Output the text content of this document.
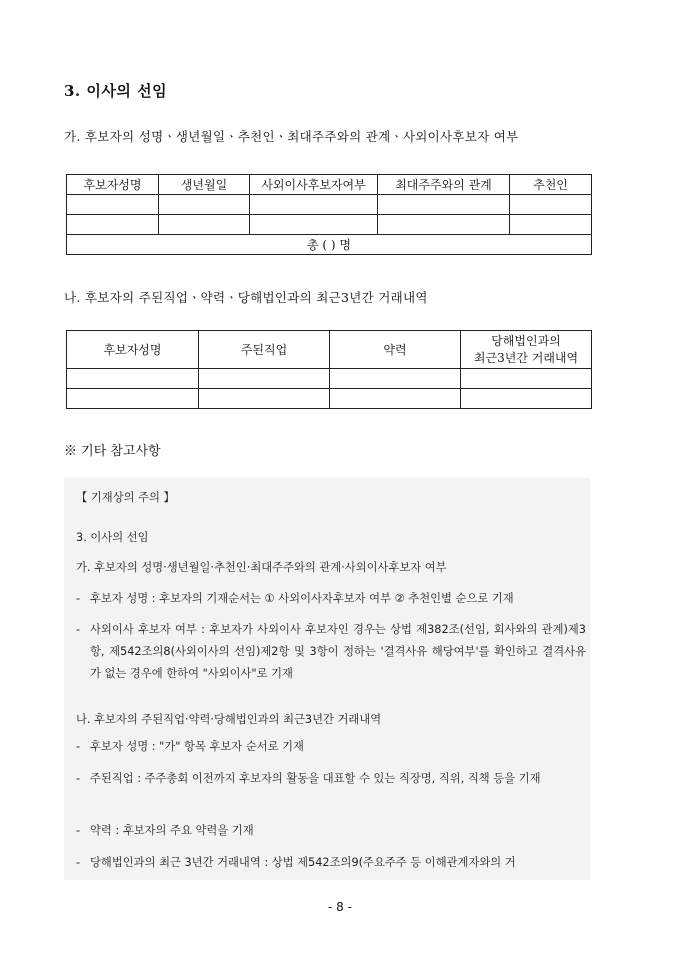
3. 이사의 선임
가. 후보자의 성명ㆍ생년월일ㆍ추천인ㆍ최대주주와의 관계ㆍ사외이사후보자 여부
후보자성명	생년월일	사외이사후보자여부	최대주주와의 관계	추천인

총 ( ) 명				
나. 후보자의 주된직업ㆍ약력ㆍ당해법인과의 최근3년간 거래내역
후보자성명	주된직업	약력	당해법인과의
최근3년간 거래내역

※ 기타 참고사항
【 기재상의 주의 】
3. 이사의 선임
가. 후보자의 성명·생년월일·추천인·최대주주와의 관계·사외이사후보자 여부
- 후보자 성명 : 후보자의 기재순서는 ① 사외이사자후보자 여부 ② 추천인별 순으로 기재
- 사외이사 후보자 여부 : 후보자가 사외이사 후보자인 경우는 상법 제382조(선임, 회사와의 관계)제3항, 제542조의8(사외이사의 선임)제2항 및 3항이 정하는 '결격사유 해당여부'를 확인하고 결격사유가 없는 경우에 한하여 "사외이사"로 기재
나. 후보자의 주된직업·약력·당해법인과의 최근3년간 거래내역
- 후보자 성명 : "가" 항목 후보자 순서로 기재
- 주된직업 : 주주총회 이전까지 후보자의 활동을 대표할 수 있는 직장명, 직위, 직책 등을 기재
- 약력 : 후보자의 주요 약력을 기재
- 당해법인과의 최근 3년간 거래내역 : 상법 제542조의9(주요주주 등 이해관계자와의 거
- 8 -
